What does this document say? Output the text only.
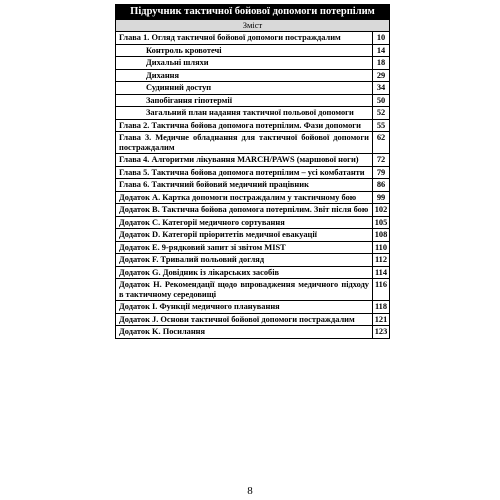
Підручник тактичної бойової допомоги потерпілим
Зміст
Глава 1. Огляд тактичної бойової допомоги постраждалим	10
Контроль кровотечі	14
Дихальні шляхи	18
Дихання	29
Судинний доступ	34
Запобігання гіпотермії	50
Загальний план надання тактичної польової допомоги	52
Глава 2. Тактична бойова допомога потерпілим. Фази допомоги	55
Глава 3. Медичне обладнання для тактичної бойової допомоги постраждалим	62
Глава 4. Алгоритми лікування MARCH/PAWS (маршової ноги)	72
Глава 5. Тактична бойова допомога потерпілим – усі комбатанти	79
Глава 6. Тактичний бойовий медичний працівник	86
Додаток А. Картка допомоги постраждалим у тактичному бою	99
Додаток В. Тактична бойова допомога потерпілим. Звіт після бою	102
Додаток С. Категорії медичного сортування	105
Додаток D. Категорії пріоритетів медичної евакуації	108
Додаток Е. 9-рядковий запит зі звітом MIST	110
Додаток F. Тривалий польовий догляд	112
Додаток G. Довідник із лікарських засобів	114
Додаток H. Рекомендації щодо впровадження медичного підходу в тактичному середовищі	116
Додаток I. Функції медичного планування	118
Додаток J. Основи тактичної бойової допомоги постраждалим	121
Додаток K. Посилання	123
8
